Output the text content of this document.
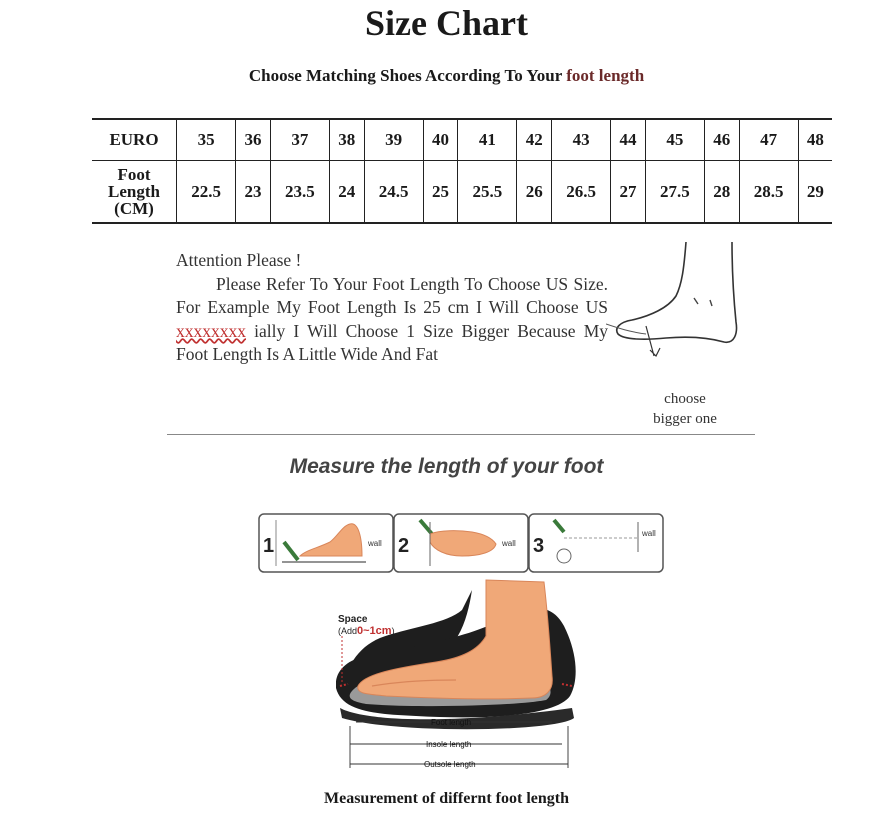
Size Chart
Choose Matching Shoes According To Your foot length
EURO	35	36	37	38	39	40	41	42	43	44	45	46	47	48

Foot
Length
(CM)	22.5	23	23.5	24	24.5	25	25.5	26	26.5	27	27.5	28	28.5	29
Attention Please !
Please Refer To Your Foot Length To Choose US Size. For Example My Foot Length Is 25 cm I Will Choose US xxxxxxxx ially I Will Choose 1 Size Bigger Because My Foot Length Is A Little Wide And Fat
choose
bigger one
Measure the length of your foot
1	wall 2	wall 3
wall
Space
(Add0~1cm)
Foot length
Insole length
Outsole length
Measurement of differnt foot length
